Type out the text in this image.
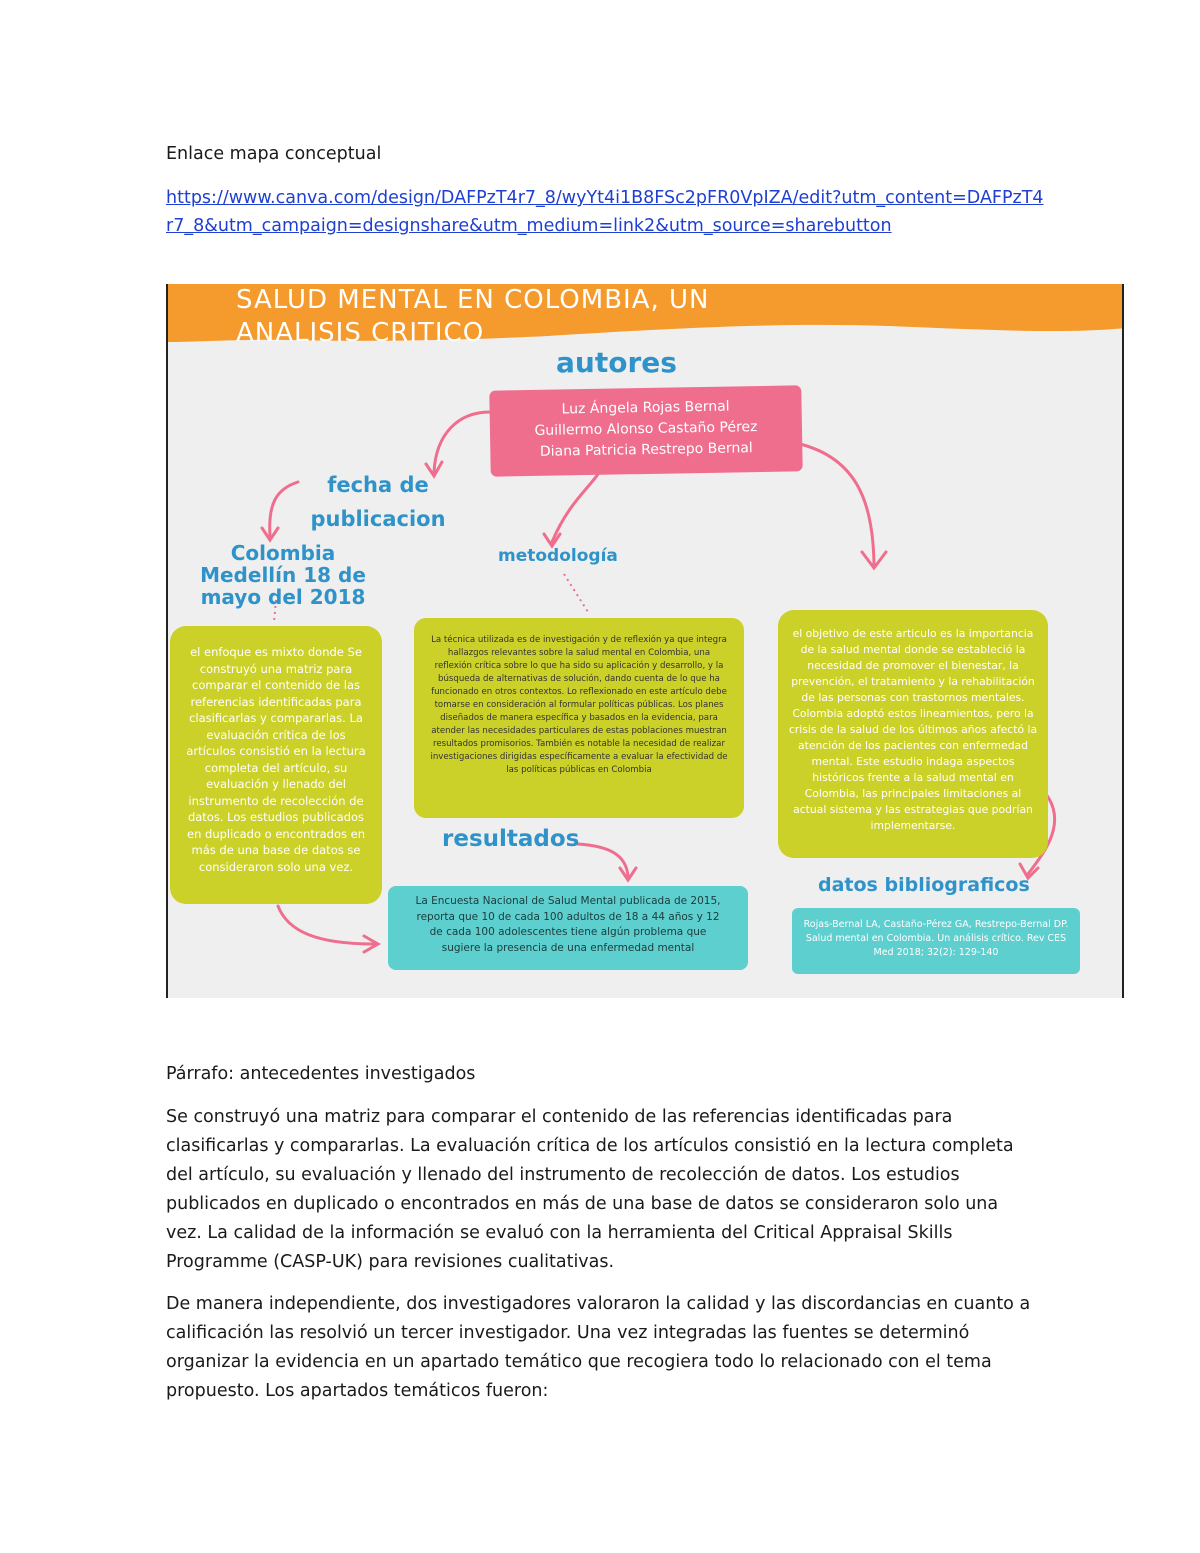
Enlace mapa conceptual
https://www.canva.com/design/DAFPzT4r7_8/wyYt4i1B8FSc2pFR0VpIZA/edit?utm_content=DAFPzT4r7_8&utm_campaign=designshare&utm_medium=link2&utm_source=sharebutton
SALUD MENTAL EN COLOMBIA, UN
ANALISIS CRITICO
autores
Luz Ángela Rojas Bernal
Guillermo Alonso Castaño Pérez
Diana Patricia Restrepo Bernal
fecha de publicacion
Colombia Medellín 18 de mayo del 2018
metodología
el enfoque es mixto donde Se construyó una matriz para comparar el contenido de las referencias identificadas para clasificarlas y compararlas. La evaluación crítica de los artículos consistió en la lectura completa del artículo, su evaluación y llenado del instrumento de recolección de datos. Los estudios publicados en duplicado o encontrados en más de una base de datos se consideraron solo una vez.
La técnica utilizada es de investigación y de reflexión ya que integra hallazgos relevantes sobre la salud mental en Colombia, una reflexión crítica sobre lo que ha sido su aplicación y desarrollo, y la búsqueda de alternativas de solución, dando cuenta de lo que ha funcionado en otros contextos. Lo reflexionado en este artículo debe tomarse en consideración al formular políticas públicas. Los planes diseñados de manera específica y basados en la evidencia, para atender las necesidades particulares de estas poblaciones muestran resultados promisorios. También es notable la necesidad de realizar investigaciones dirigidas específicamente a evaluar la efectividad de las políticas públicas en Colombia
el objetivo de este articulo es la importancia de la salud mental donde se estableció la necesidad de promover el bienestar, la prevención, el tratamiento y la rehabilitación de las personas con trastornos mentales. Colombia adoptó estos lineamientos, pero la crisis de la salud de los últimos años afectó la atención de los pacientes con enfermedad mental. Este estudio indaga aspectos históricos frente a la salud mental en Colombia, las principales limitaciones al actual sistema y las estrategias que podrían implementarse.
resultados
La Encuesta Nacional de Salud Mental publicada de 2015, reporta que 10 de cada 100 adultos de 18 a 44 años y 12 de cada 100 adolescentes tiene algún problema que sugiere la presencia de una enfermedad mental
datos bibliograficos
Rojas-Bernal LA, Castaño-Pérez GA, Restrepo-Bernal DP. Salud mental en Colombia. Un análisis crítico. Rev CES Med 2018; 32(2): 129-140
Párrafo: antecedentes investigados
Se construyó una matriz para comparar el contenido de las referencias identificadas para clasificarlas y compararlas. La evaluación crítica de los artículos consistió en la lectura completa del artículo, su evaluación y llenado del instrumento de recolección de datos. Los estudios publicados en duplicado o encontrados en más de una base de datos se consideraron solo una vez. La calidad de la información se evaluó con la herramienta del Critical Appraisal Skills Programme (CASP-UK) para revisiones cualitativas.
De manera independiente, dos investigadores valoraron la calidad y las discordancias en cuanto a calificación las resolvió un tercer investigador. Una vez integradas las fuentes se determinó organizar la evidencia en un apartado temático que recogiera todo lo relacionado con el tema propuesto. Los apartados temáticos fueron:
